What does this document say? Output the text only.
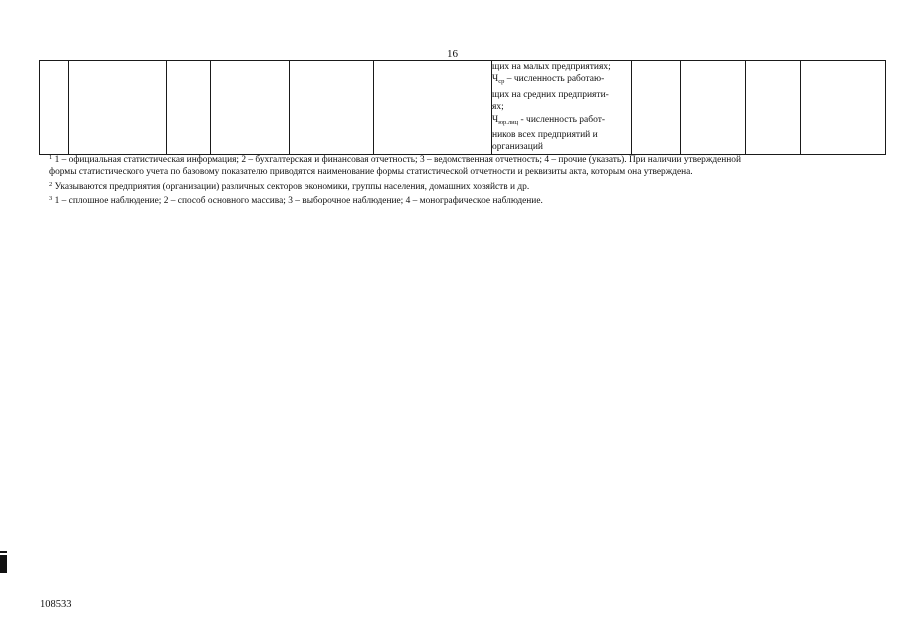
16

щих на малых предприятиях;
$Ч_{ср}$ – численность работаю-
щих на средних предприяти-
ях;
$Ч_{юр.лиц}$ - численность работ-
ников всех предприятий и
организаций

$^1$ 1 – официальная статистическая информация; 2 – бухгалтерская и финансовая отчетность; 3 – ведомственная отчетность; 4 – прочие (указать). При наличии утвержденной
формы статистического учета по базовому показателю приводятся наименование формы статистической отчетности и реквизиты акта, которым она утверждена.
$^2$ Указываются предприятия (организации) различных секторов экономики, группы населения, домашних хозяйств и др.
$^3$ 1 – сплошное наблюдение; 2 – способ основного массива; 3 – выборочное наблюдение; 4 – монографическое наблюдение.
108533
